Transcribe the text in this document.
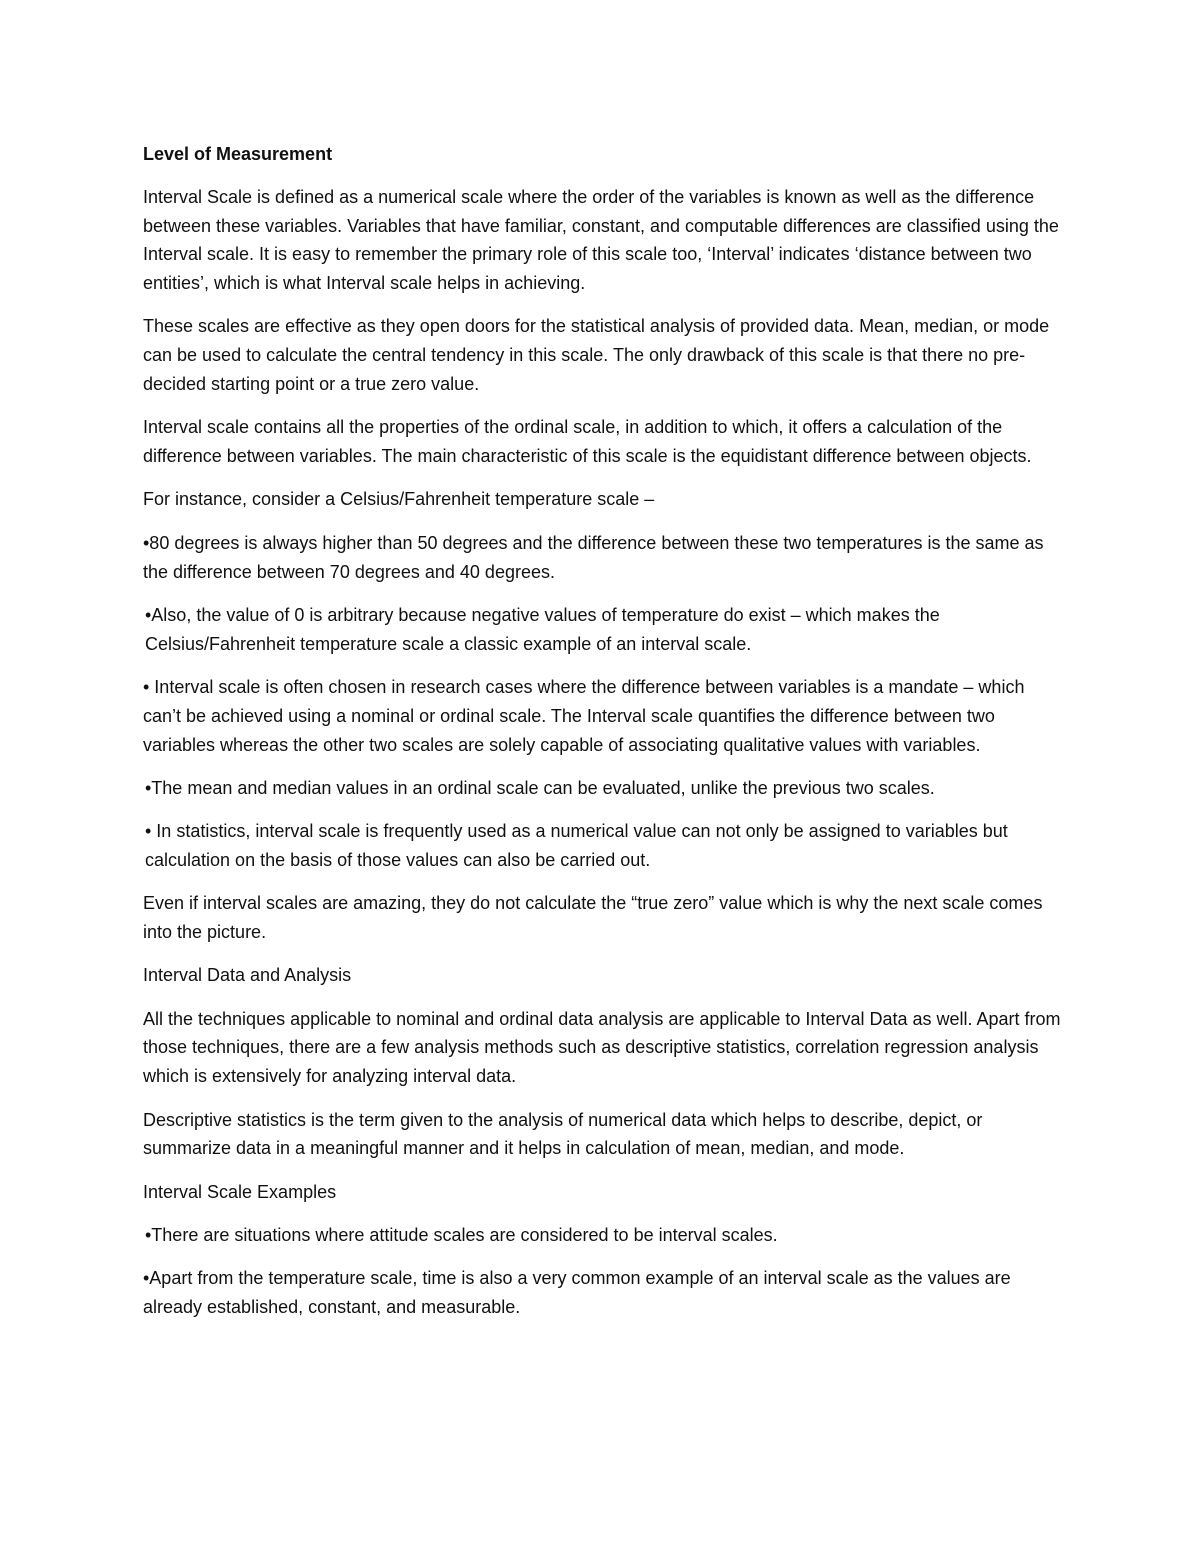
Level of Measurement

Interval Scale is defined as a numerical scale where the order of the variables is known as well as the difference between these variables. Variables that have familiar, constant, and computable differences are classified using the Interval scale. It is easy to remember the primary role of this scale too, ‘Interval’ indicates ‘distance between two entities’, which is what Interval scale helps in achieving.

These scales are effective as they open doors for the statistical analysis of provided data. Mean, median, or mode can be used to calculate the central tendency in this scale. The only drawback of this scale is that there no pre-decided starting point or a true zero value.

Interval scale contains all the properties of the ordinal scale, in addition to which, it offers a calculation of the difference between variables. The main characteristic of this scale is the equidistant difference between objects.

For instance, consider a Celsius/Fahrenheit temperature scale –

•80 degrees is always higher than 50 degrees and the difference between these two temperatures is the same as the difference between 70 degrees and 40 degrees.

•Also, the value of 0 is arbitrary because negative values of temperature do exist – which makes the Celsius/Fahrenheit temperature scale a classic example of an interval scale.

• Interval scale is often chosen in research cases where the difference between variables is a mandate – which can’t be achieved using a nominal or ordinal scale. The Interval scale quantifies the difference between two variables whereas the other two scales are solely capable of associating qualitative values with variables.

•The mean and median values in an ordinal scale can be evaluated, unlike the previous two scales.

• In statistics, interval scale is frequently used as a numerical value can not only be assigned to variables but calculation on the basis of those values can also be carried out.

Even if interval scales are amazing, they do not calculate the “true zero” value which is why the next scale comes into the picture.

Interval Data and Analysis

All the techniques applicable to nominal and ordinal data analysis are applicable to Interval Data as well. Apart from those techniques, there are a few analysis methods such as descriptive statistics, correlation regression analysis which is extensively for analyzing interval data.

Descriptive statistics is the term given to the analysis of numerical data which helps to describe, depict, or summarize data in a meaningful manner and it helps in calculation of mean, median, and mode.

Interval Scale Examples

•There are situations where attitude scales are considered to be interval scales.

•Apart from the temperature scale, time is also a very common example of an interval scale as the values are already established, constant, and measurable.
